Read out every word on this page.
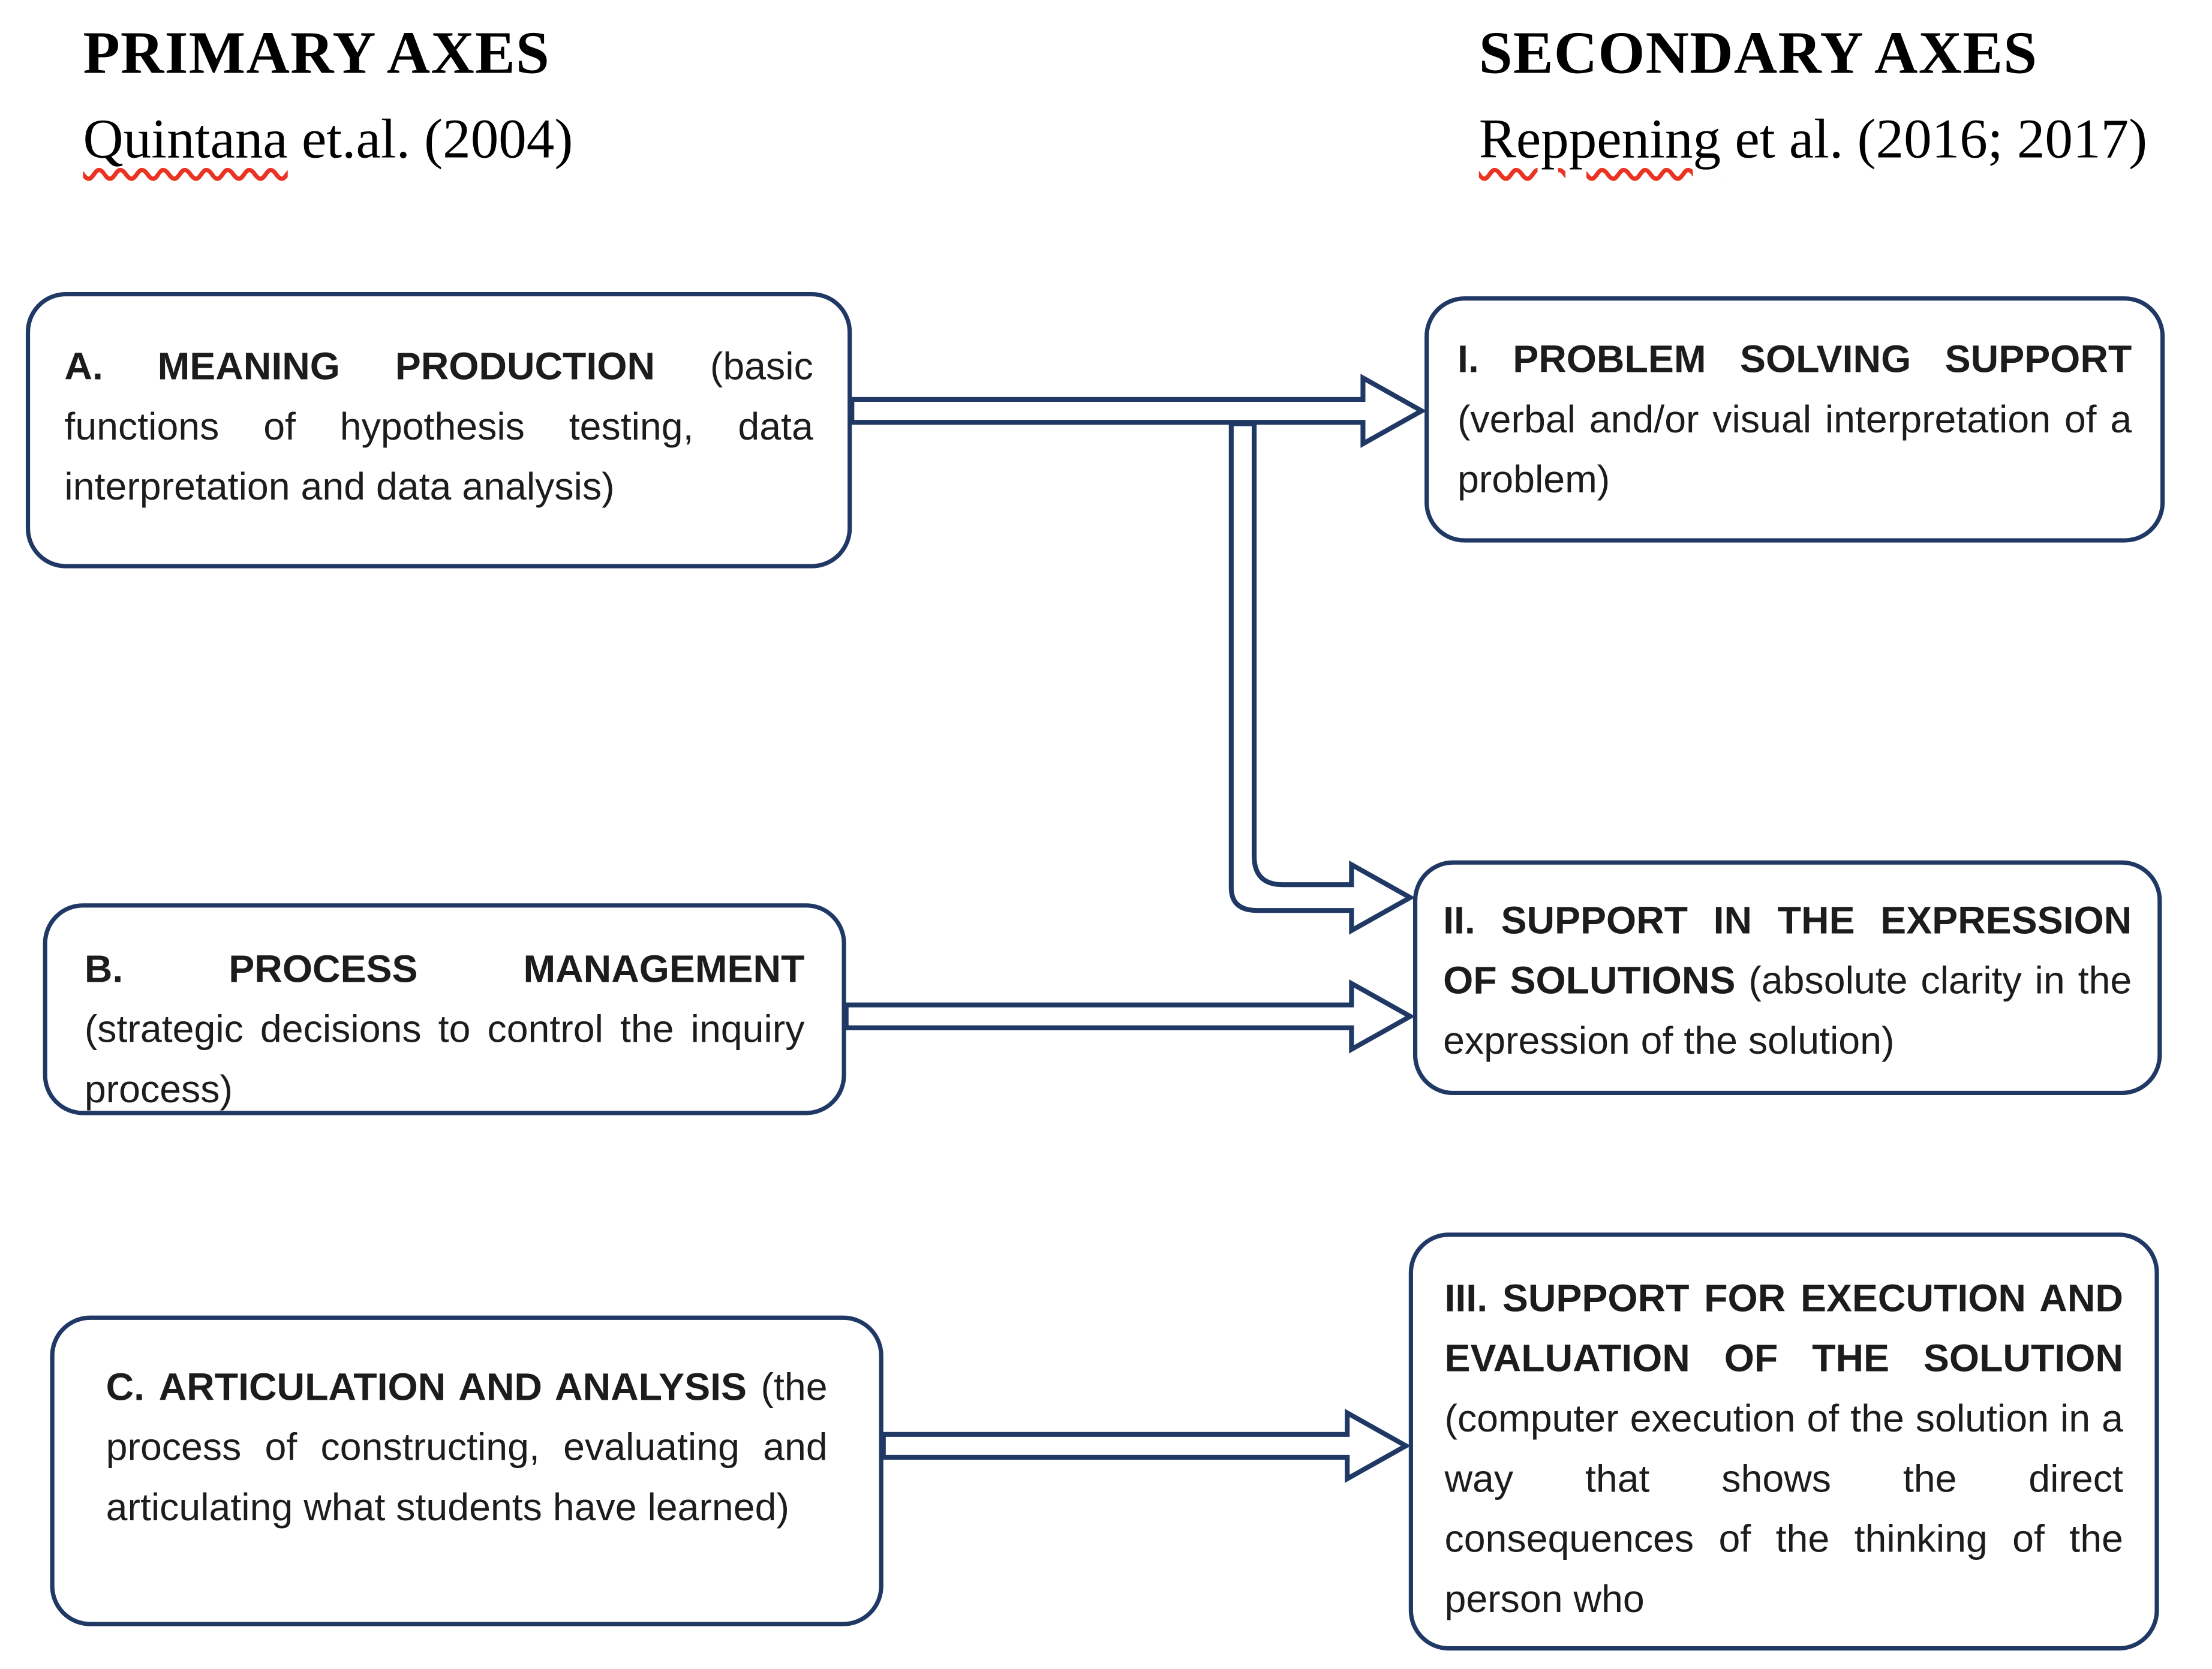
PRIMARY AXES
Quintana et.al. (2004)
SECONDARY AXES
Reppening et al. (2016; 2017)

A.	MEANING PRODUCTION	(basic functions of hypothesis testing, data interpretation and data analysis)

I. PROBLEM SOLVING SUPPORT

(verbal and/or visual interpretation of a problem)

B.	PROCESS MANAGEMENT

(strategic decisions to control the inquiry process)

II. SUPPORT IN THE EXPRESSION OF SOLUTIONS (absolute clarity in the expression of the solution)

C. ARTICULATION AND ANALYSIS (the process of constructing, evaluating and articulating what students have learned)

III. SUPPORT FOR EXECUTION AND EVALUATION OF THE SOLUTION (computer execution of the solution in a way that shows the direct consequences of the thinking of the person who
